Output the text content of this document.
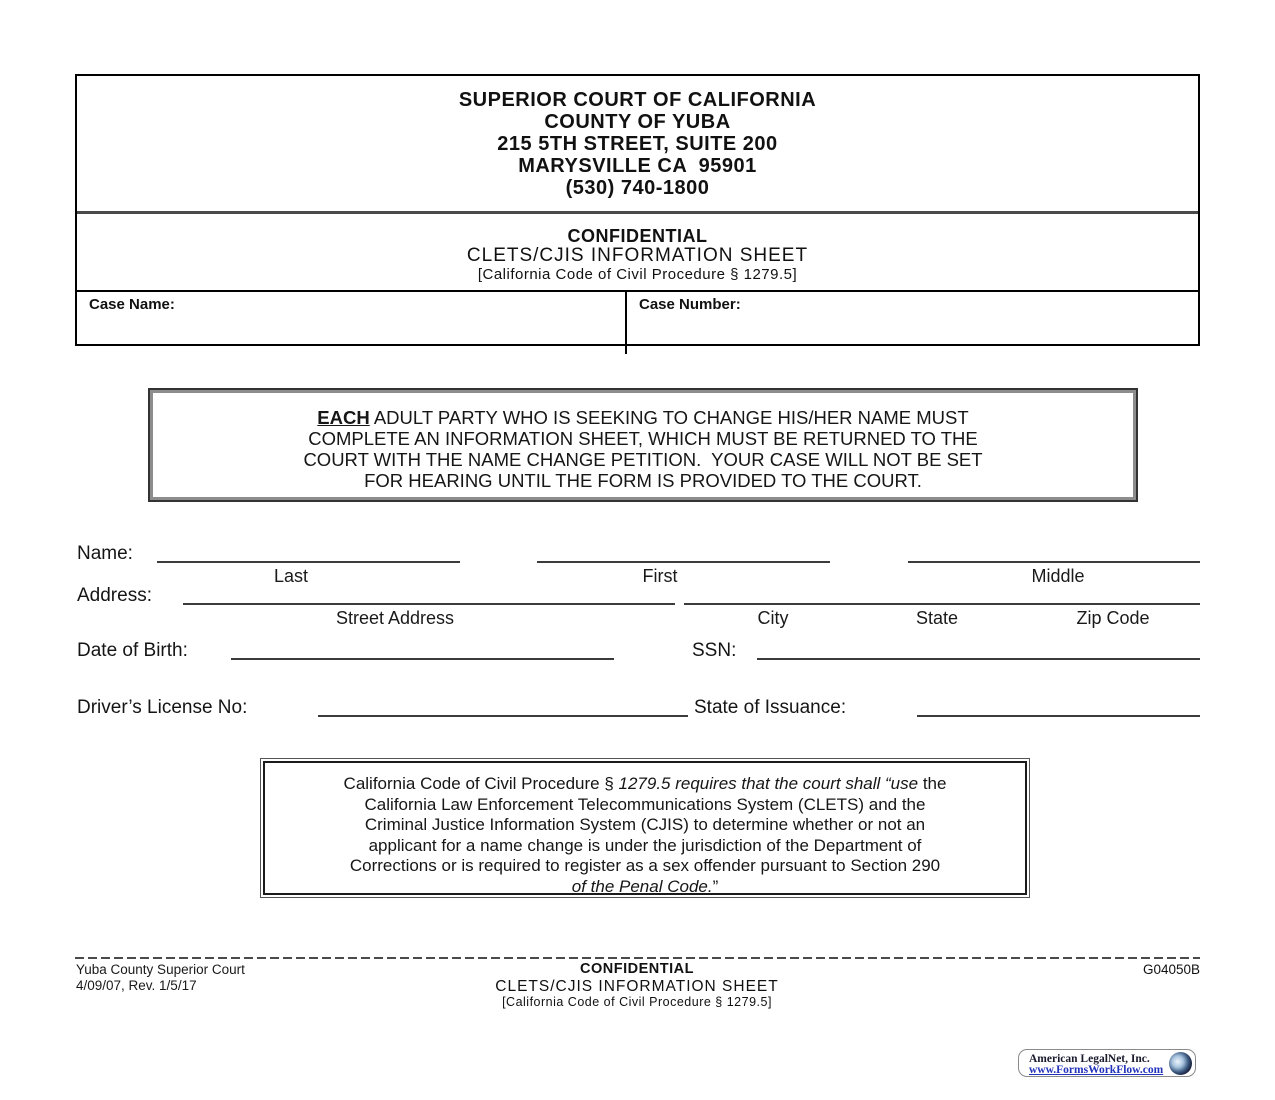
SUPERIOR COURT OF CALIFORNIA
COUNTY OF YUBA
215 5TH STREET, SUITE 200
MARYSVILLE CA  95901
(530) 740-1800
CONFIDENTIAL
CLETS/CJIS INFORMATION SHEET
[California Code of Civil Procedure § 1279.5]
Case Name:	Case Number:
EACH ADULT PARTY WHO IS SEEKING TO CHANGE HIS/HER NAME MUST
COMPLETE AN INFORMATION SHEET, WHICH MUST BE RETURNED TO THE
COURT WITH THE NAME CHANGE PETITION.  YOUR CASE WILL NOT BE SET
FOR HEARING UNTIL THE FORM IS PROVIDED TO THE COURT.
Name:
Last	First	Middle
Address:
Street Address	City	State	Zip Code
Date of Birth:	SSN:
Driver’s License No:	State of Issuance:
California Code of Civil Procedure § 1279.5 requires that the court shall “use the
California Law Enforcement Telecommunications System (CLETS) and the
Criminal Justice Information System (CJIS) to determine whether or not an
applicant for a name change is under the jurisdiction of the Department of
Corrections or is required to register as a sex offender pursuant to Section 290
of the Penal Code.”
Yuba County Superior Court
4/09/07, Rev. 1/5/17
CONFIDENTIAL
CLETS/CJIS INFORMATION SHEET
[California Code of Civil Procedure § 1279.5]
G04050B
American LegalNet, Inc.
www.FormsWorkFlow.com
